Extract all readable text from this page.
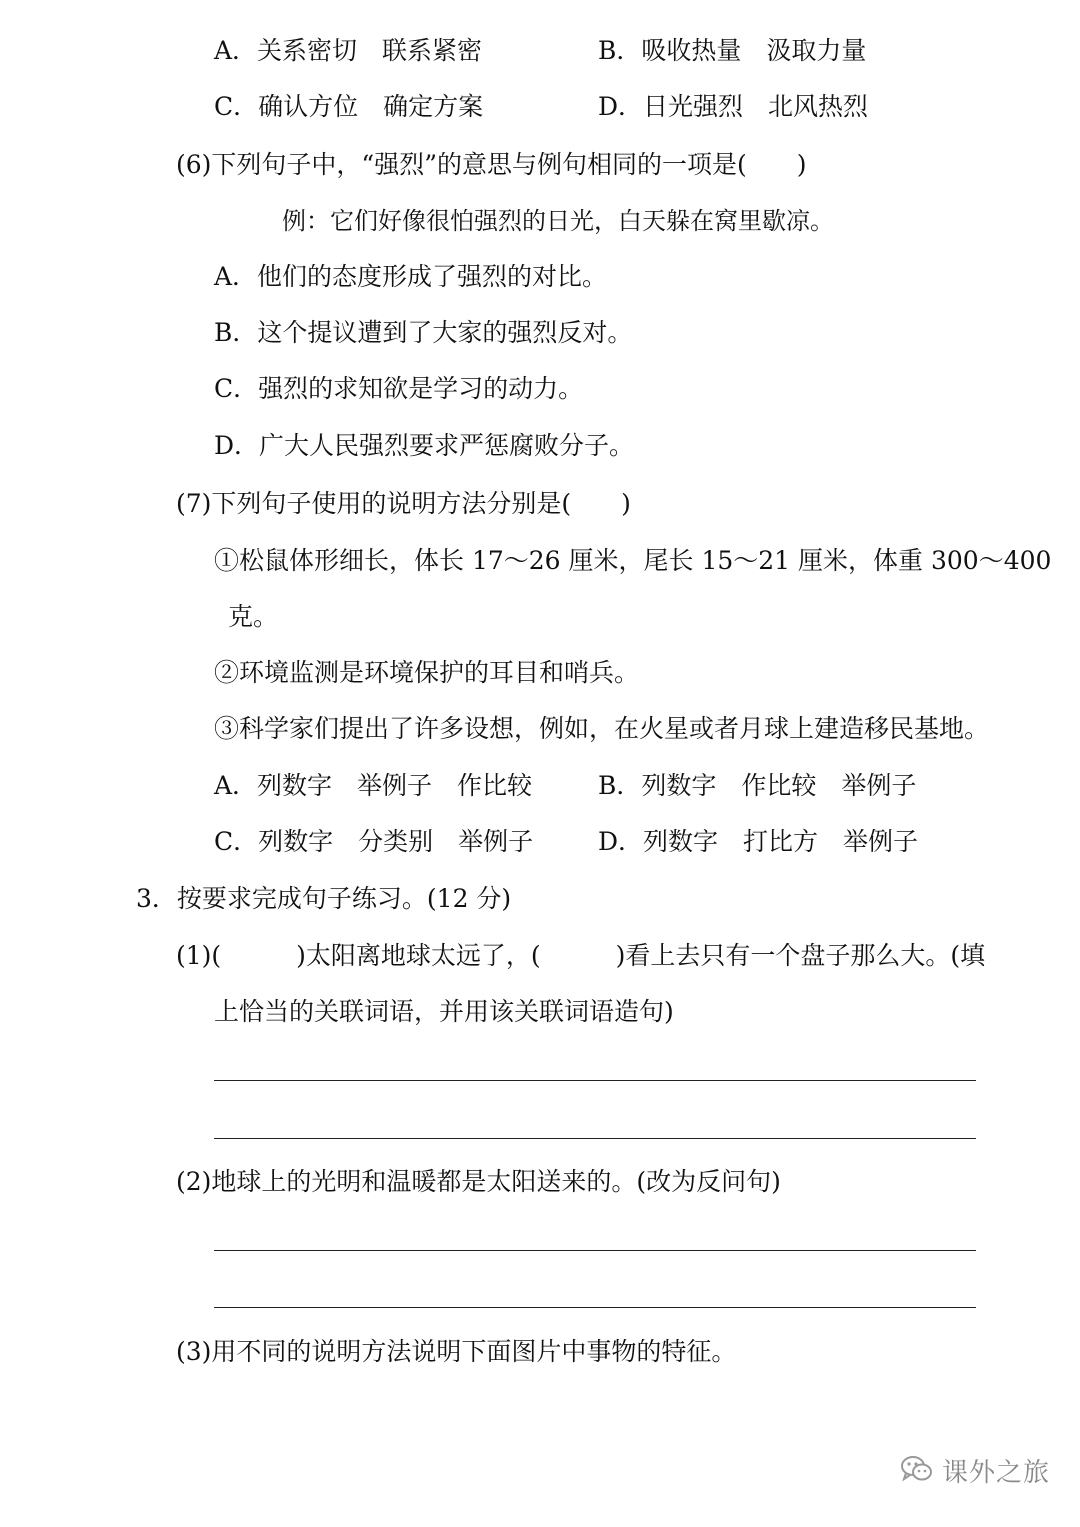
A．关系密切　联系紧密	B．吸收热量　汲取力量
C．确认方位　确定方案	D．日光强烈　北风热烈
(6)下列句子中，“强烈”的意思与例句相同的一项是(　　)
例：它们好像很怕强烈的日光，白天躲在窝里歇凉。
A．他们的态度形成了强烈的对比。
B．这个提议遭到了大家的强烈反对。
C．强烈的求知欲是学习的动力。
D．广大人民强烈要求严惩腐败分子。
(7)下列句子使用的说明方法分别是(　　)
①松鼠体形细长，体长 17～26 厘米，尾长 15～21 厘米，体重 300～400
克。
②环境监测是环境保护的耳目和哨兵。
③科学家们提出了许多设想，例如，在火星或者月球上建造移民基地。
A．列数字　举例子　作比较	B．列数字　作比较　举例子
C．列数字　分类别　举例子	D．列数字　打比方　举例子
3．按要求完成句子练习。(12 分)
(1)(　　　)太阳离地球太远了，(　　　)看上去只有一个盘子那么大。(填
上恰当的关联词语，并用该关联词语造句)
(2)地球上的光明和温暖都是太阳送来的。(改为反问句)
(3)用不同的说明方法说明下面图片中事物的特征。
课外之旅
